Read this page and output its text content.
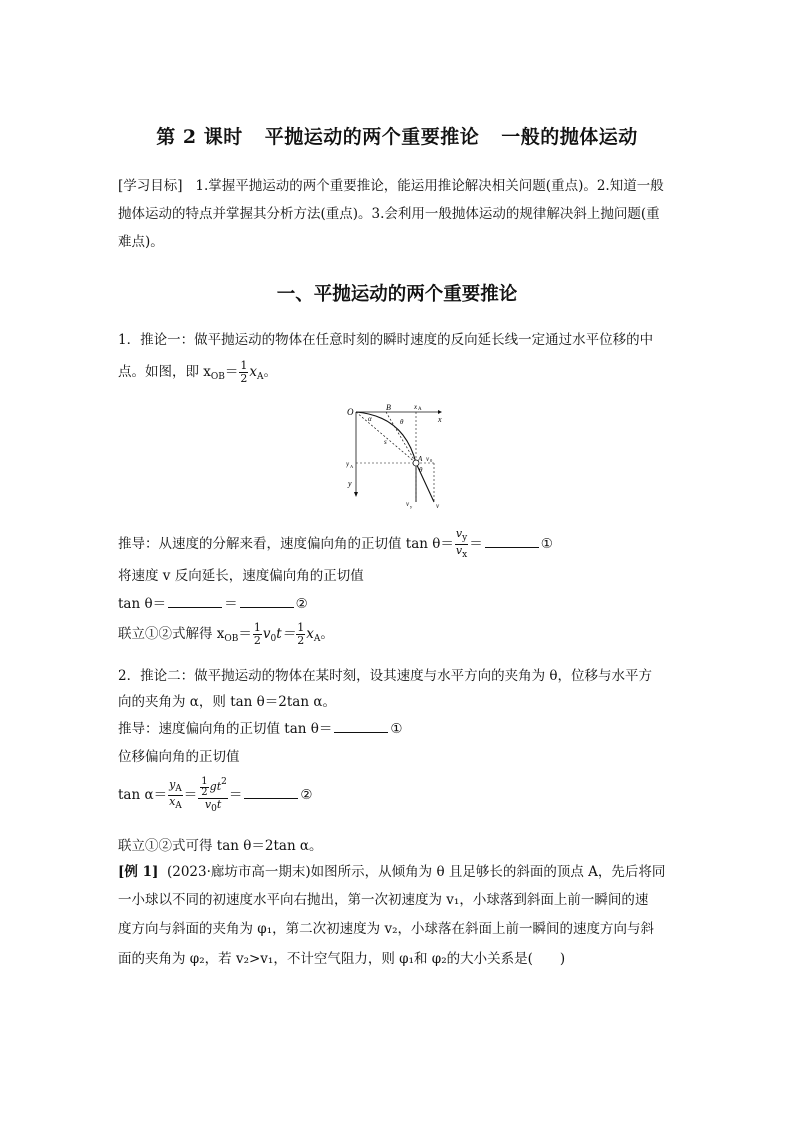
第 2 课时 平抛运动的两个重要推论 一般的抛体运动
[学习目标] 1.掌握平抛运动的两个重要推论，能运用推论解决相关问题(重点)。2.知道一般
抛体运动的特点并掌握其分析方法(重点)。3.会利用一般抛体运动的规律解决斜上抛问题(重
难点)。
一、平抛运动的两个重要推论
1．推论一：做平抛运动的物体在任意时刻的瞬时速度的反向延长线一定通过水平位移的中
点。如图，即 $x_{OB}= \frac{1}{2} x_A$。
O	B	x A
x
α	θ
s
A v 0
θ
y A
y
v y	v
推导：从速度的分解来看，速度偏向角的正切值 $\tan \theta= \frac{v_y}{v_x}$ ＝	①
将速度 v 反向延长，速度偏向角的正切值
tan θ＝	＝	②
联立①②式解得 $x_{OB}= \frac{1}{2} v_0t= \frac{1}{2} x_A$。
2．推论二：做平抛运动的物体在某时刻，设其速度与水平方向的夹角为 θ，位移与水平方
向的夹角为 α，则 tan θ＝2tan α。
推导：速度偏向角的正切值 tan θ＝	①
位移偏向角的正切值
$\tan \alpha= \frac{y_A}{x_A} = \frac{\frac{1}{2} gt^2}{v_0t}$ ＝	②
联立①②式可得 tan θ＝2tan α。
[例 1] (2023·廊坊市高一期末)如图所示，从倾角为 θ 且足够长的斜面的顶点 A，先后将同
一小球以不同的初速度水平向右抛出，第一次初速度为 v₁，小球落到斜面上前一瞬间的速
度方向与斜面的夹角为 φ₁，第二次初速度为 v₂，小球落在斜面上前一瞬间的速度方向与斜
面的夹角为 φ₂，若 v₂>v₁，不计空气阻力，则 φ₁和 φ₂的大小关系是(　　)
